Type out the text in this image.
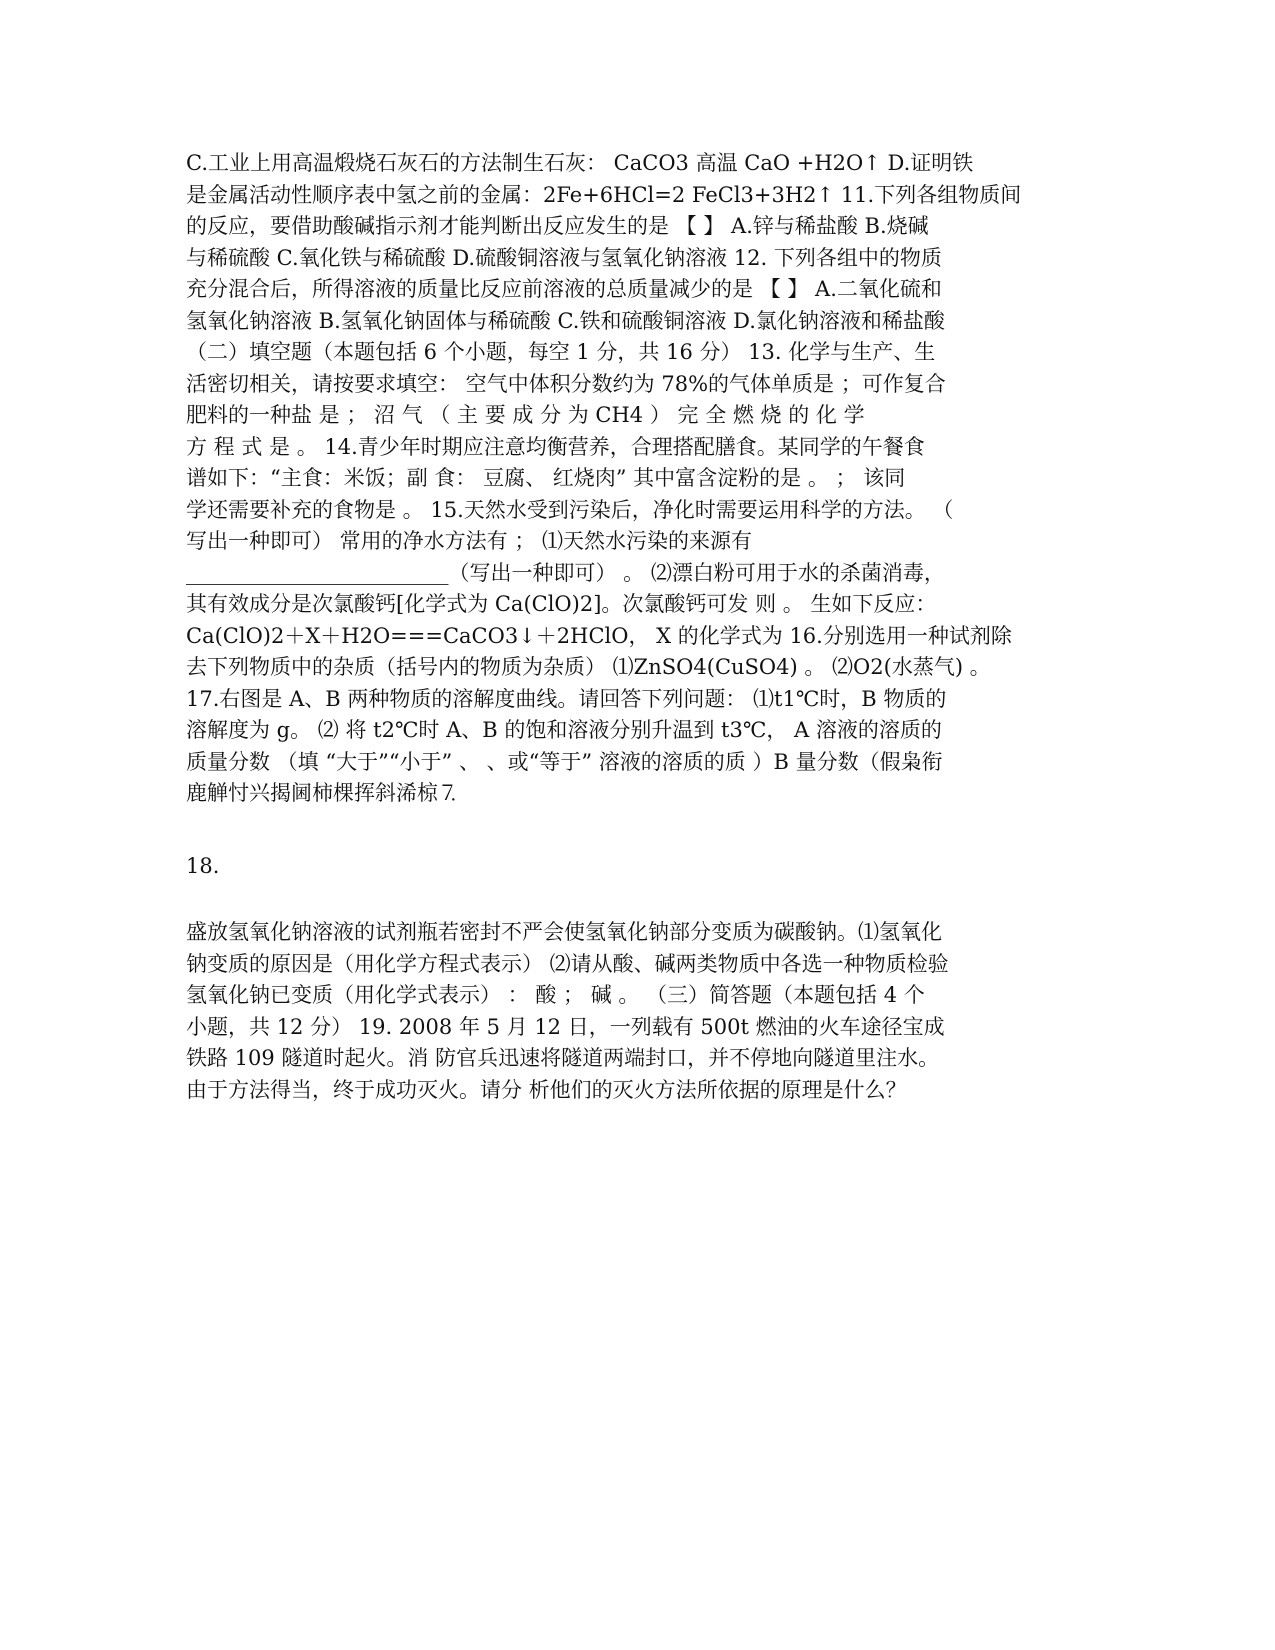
C.工业上用高温煅烧石灰石的方法制生石灰： CaCO3 高温 CaO +H2O↑ D.证明铁
是金属活动性顺序表中氢之前的金属：2Fe+6HCl=2 FeCl3+3H2↑ 11.下列各组物质间
的反应，要借助酸碱指示剂才能判断出反应发生的是 【 】 A.锌与稀盐酸 B.烧碱
与稀硫酸 C.氧化铁与稀硫酸 D.硫酸铜溶液与氢氧化钠溶液 12. 下列各组中的物质
充分混合后，所得溶液的质量比反应前溶液的总质量减少的是 【 】 A.二氧化硫和
氢氧化钠溶液 B.氢氧化钠固体与稀硫酸 C.铁和硫酸铜溶液 D.氯化钠溶液和稀盐酸
（二）填空题（本题包括 6 个小题，每空 1 分，共 16 分） 13. 化学与生产、生
活密切相关，请按要求填空： 空气中体积分数约为 78%的气体单质是 ；可作复合
肥料的一种盐 是 ； 沼 气 （ 主 要 成 分 为 CH4 ） 完 全 燃 烧 的 化 学
方 程 式 是 。 14.青少年时期应注意均衡营养，合理搭配膳食。某同学的午餐食
谱如下：“主食：米饭；副 食： 豆腐、 红烧肉” 其中富含淀粉的是 。 ； 该同
学还需要补充的食物是 。 15.天然水受到污染后，净化时需要运用科学的方法。 （
写出一种即可） 常用的净水方法有 ； ⑴天然水污染的来源有
_________________________（写出一种即可） 。 ⑵漂白粉可用于水的杀菌消毒，
其有效成分是次氯酸钙[化学式为 Ca(ClO)2]。次氯酸钙可发 则 。 生如下反应：
Ca(ClO)2＋X＋H2O===CaCO3↓＋2HClO， X 的化学式为 16.分别选用一种试剂除
去下列物质中的杂质（括号内的物质为杂质） ⑴ZnSO4(CuSO4) 。 ⑵O2(水蒸气) 。
17.右图是 A、B 两种物质的溶解度曲线。请回答下列问题： ⑴t1℃时，B 物质的
溶解度为 g。 ⑵ 将 t2℃时 A、B 的饱和溶液分别升温到 t3℃， A 溶液的溶质的
质量分数 （填 “大于”“小于” 、 、或“等于” 溶液的溶质的质 ）B 量分数（假枭衔
鹿觯忖兴揭阃柿棵挥斜浠椋⒎
18.
盛放氢氧化钠溶液的试剂瓶若密封不严会使氢氧化钠部分变质为碳酸钠。⑴氢氧化
钠变质的原因是（用化学方程式表示） ⑵请从酸、碱两类物质中各选一种物质检验
氢氧化钠已变质（用化学式表示） ： 酸 ； 碱 。 （三）简答题（本题包括 4 个
小题，共 12 分） 19. 2008 年 5 月 12 日，一列载有 500t 燃油的火车途径宝成
铁路 109 隧道时起火。消 防官兵迅速将隧道两端封口，并不停地向隧道里注水。
由于方法得当，终于成功灭火。请分 析他们的灭火方法所依据的原理是什么？
